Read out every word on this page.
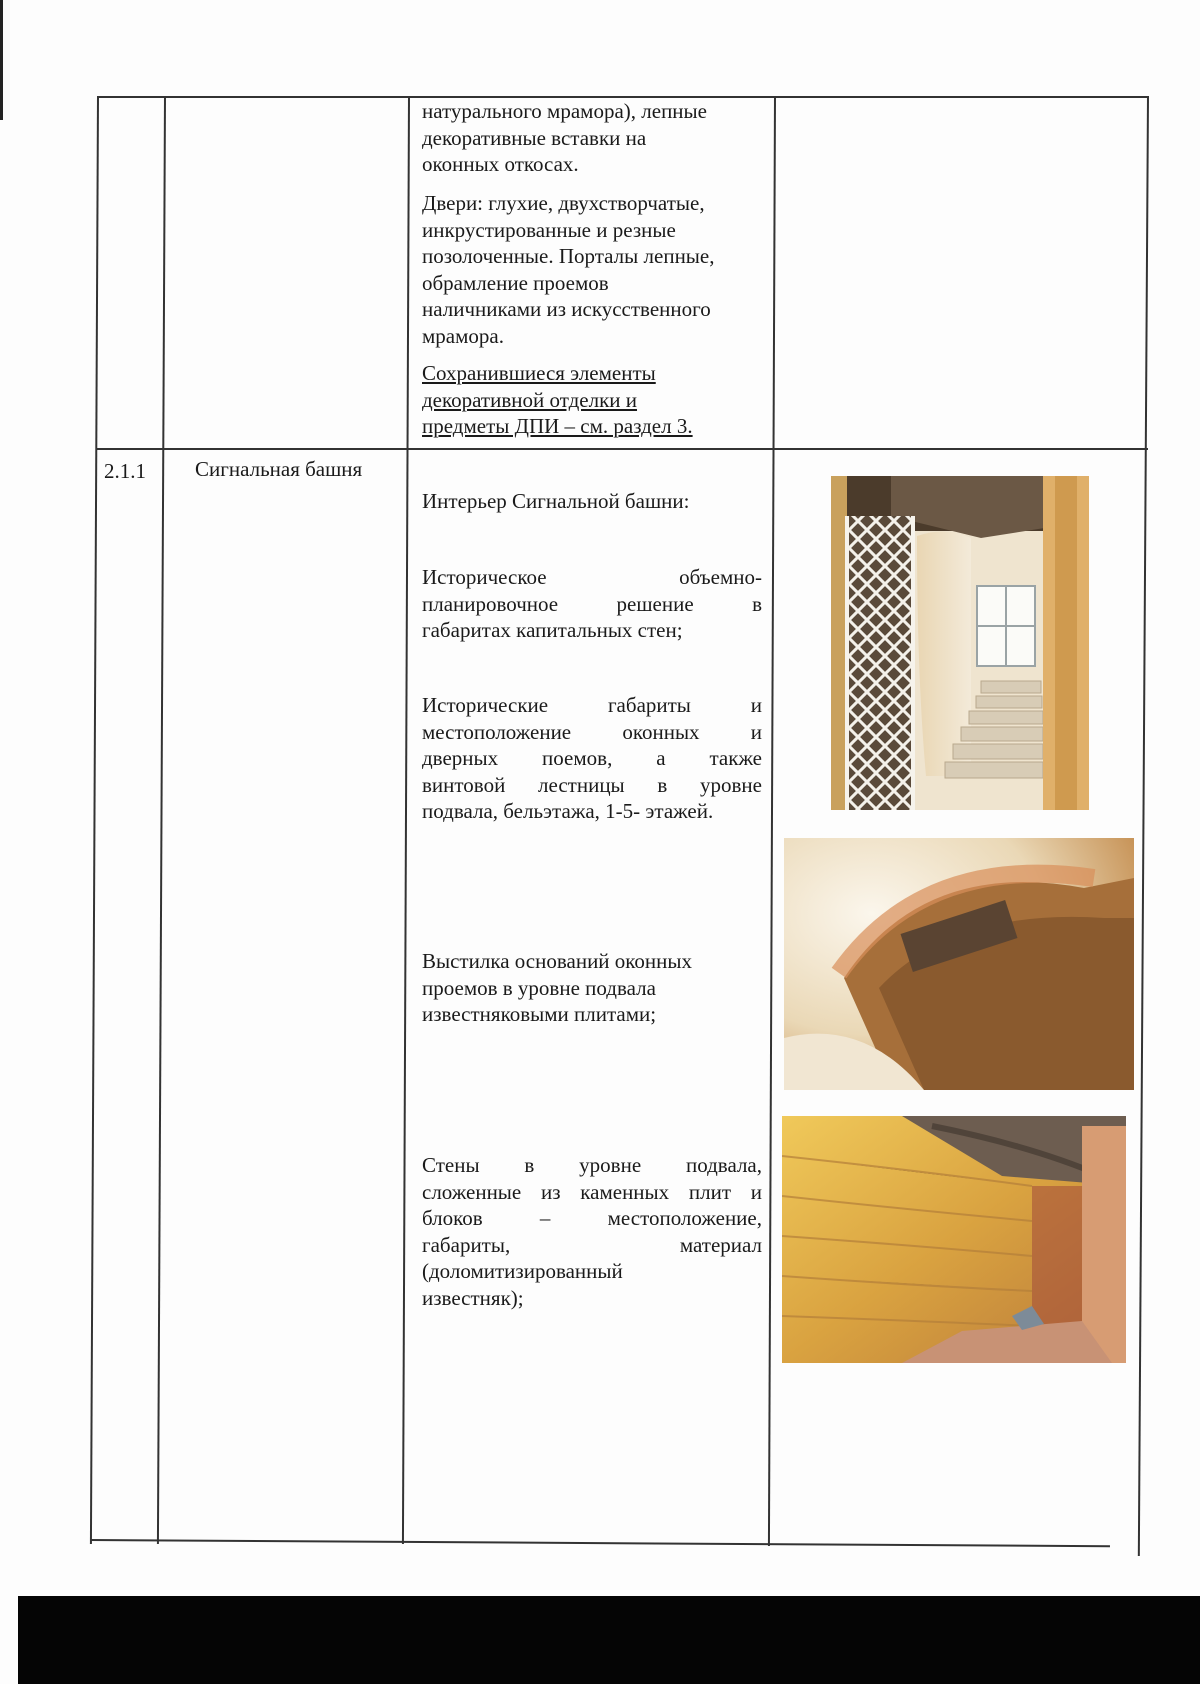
натурального мрамора), лепные
декоративные вставки на
оконных откосах.
Двери: глухие, двухстворчатые,
инкрустированные и резные
позолоченные. Порталы лепные,
обрамление проемов
наличниками из искусственного
мрамора.
Сохранившиеся элементы
декоративной отделки и
предметы ДПИ – см. раздел 3.
2.1.1 Сигнальная башня
Интерьер Сигнальной башни:
Историческое объемно-
планировочное решение в
габаритах капитальных стен;
Исторические габариты и
местоположение оконных и
дверных поемов, а также
винтовой лестницы в уровне
подвала, бельэтажа, 1-5- этажей.
Выстилка оснований оконных
проемов в уровне подвала
известняковыми плитами;
Стены в уровне подвала,
сложенные из каменных плит и
блоков – местоположение,
габариты, материал
(доломитизированный
известняк);
